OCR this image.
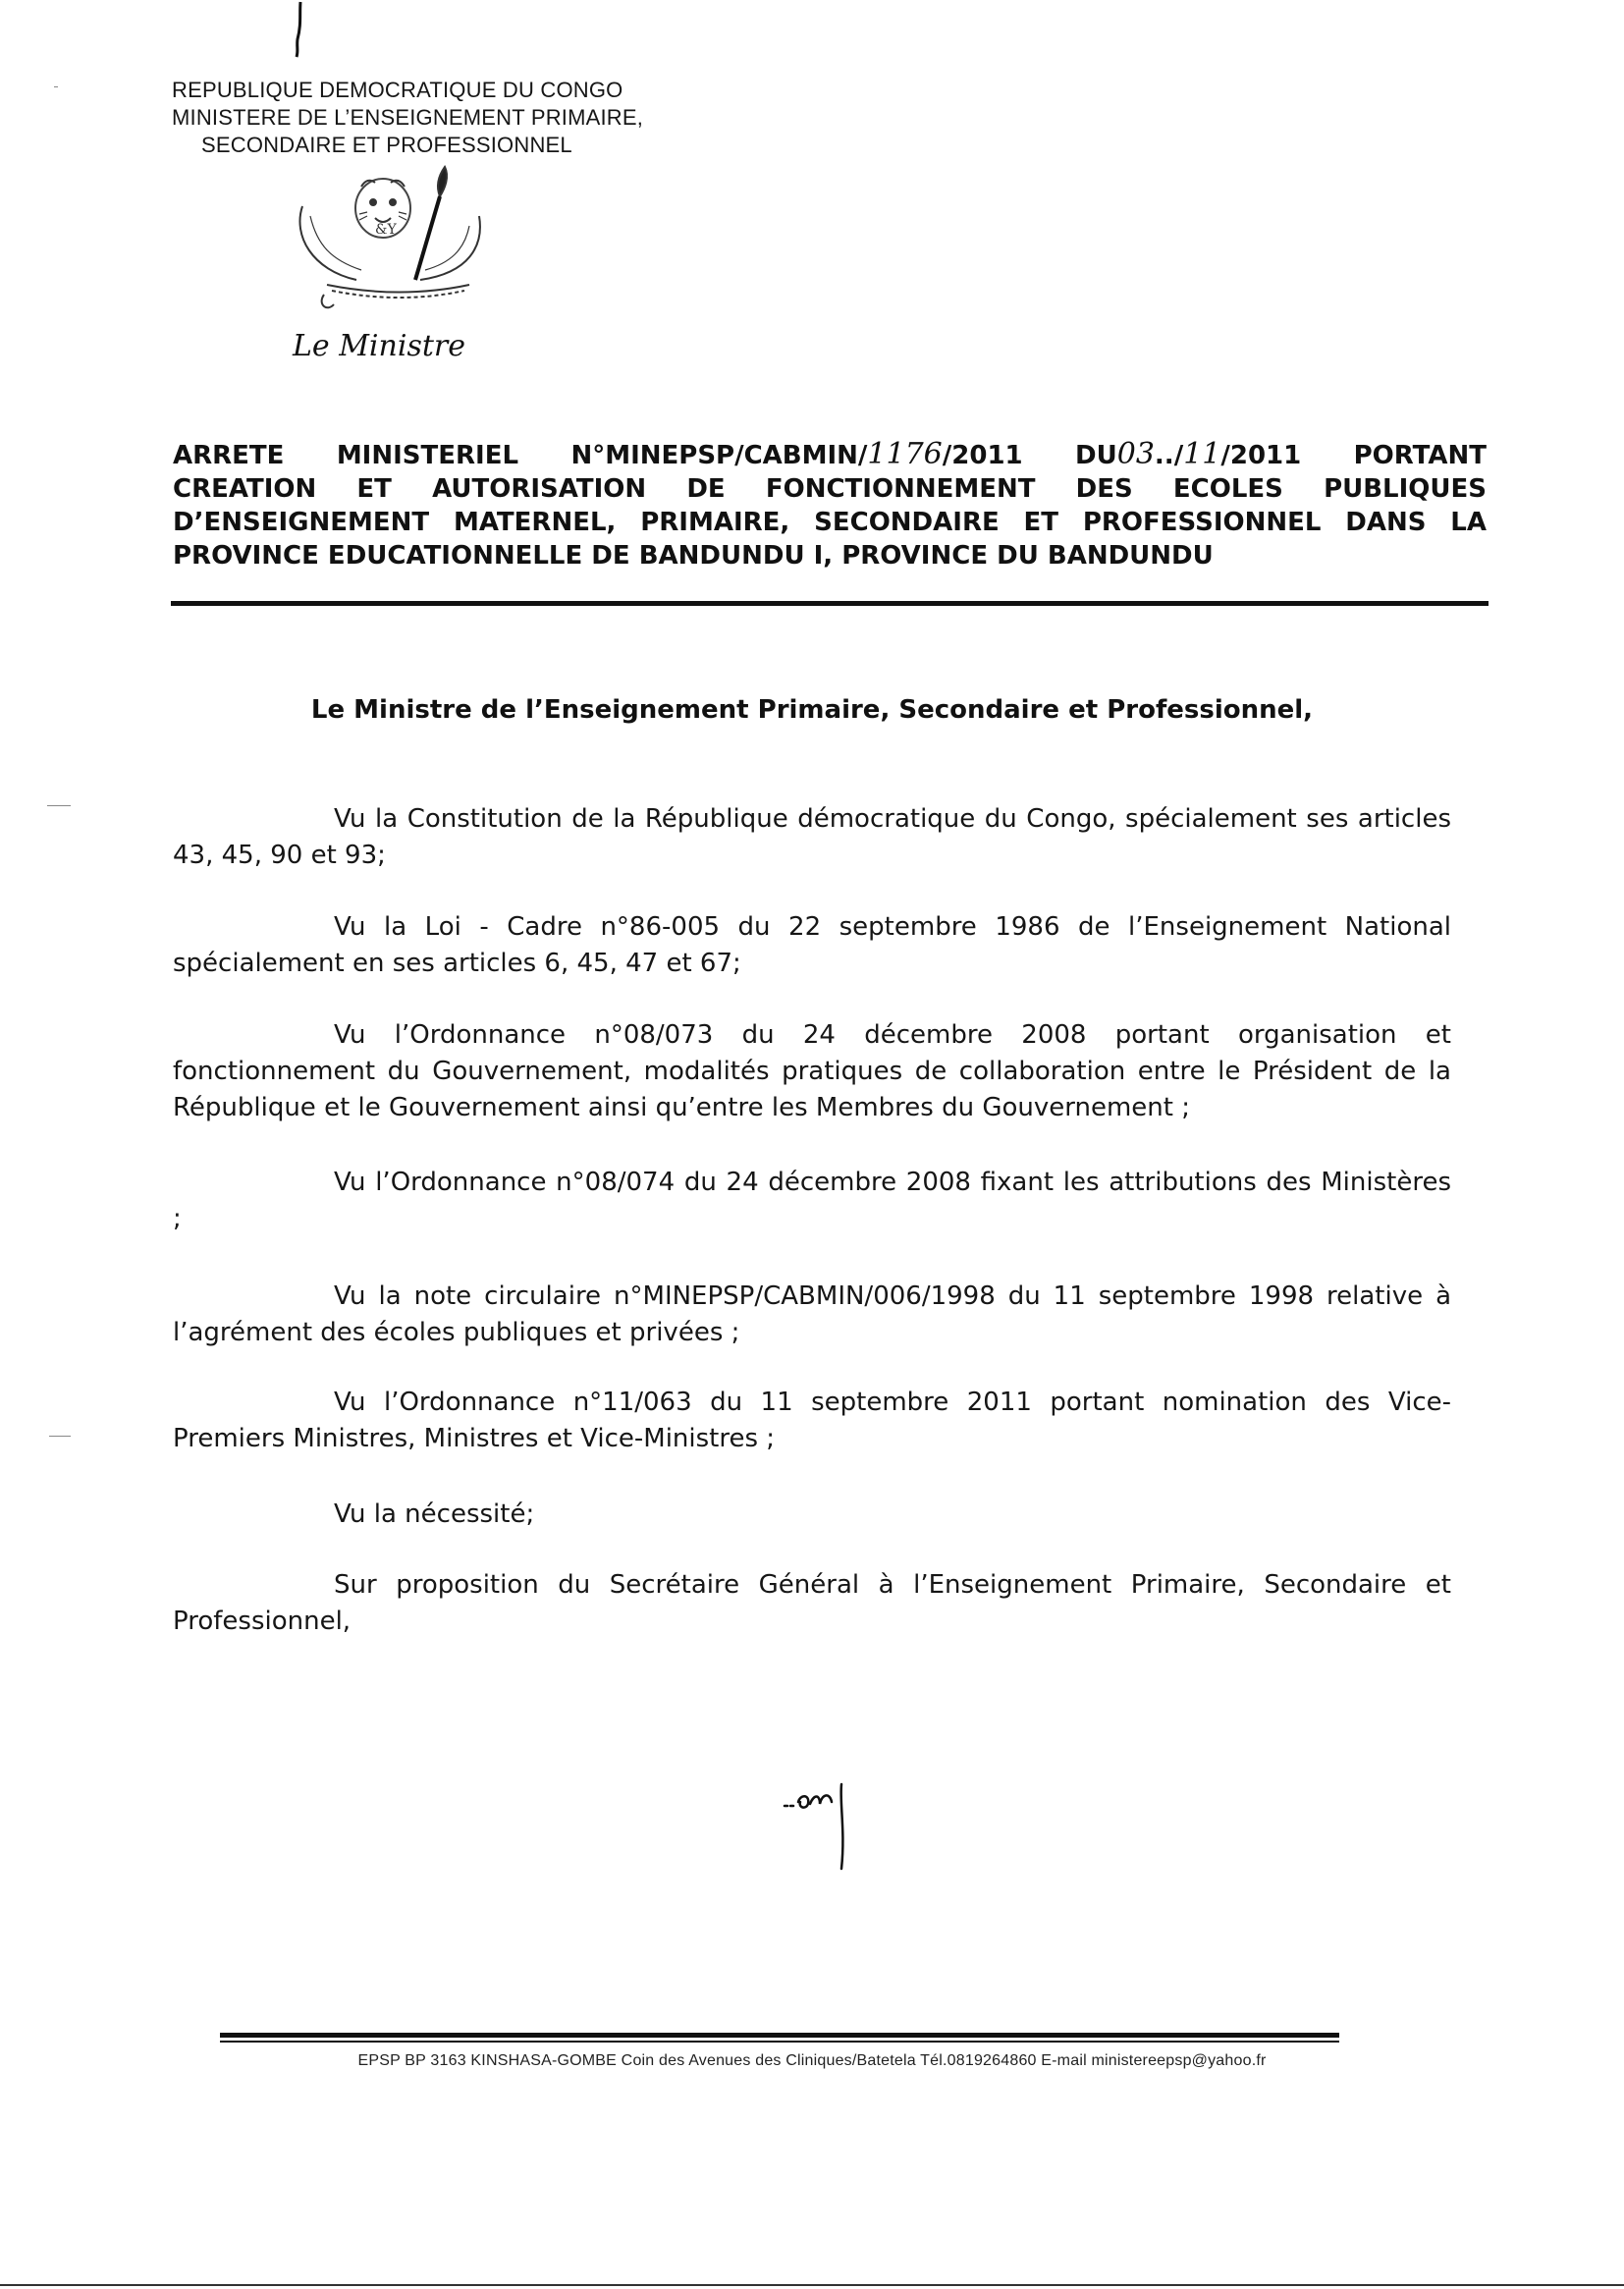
REPUBLIQUE DEMOCRATIQUE DU CONGO
MINISTERE DE L’ENSEIGNEMENT PRIMAIRE,
SECONDAIRE ET PROFESSIONNEL
&Y
Le Ministre
ARRETE MINISTERIEL N°MINEPSP/CABMIN/1176/2011 DU03../11/2011 PORTANT
CREATION ET AUTORISATION DE FONCTIONNEMENT DES ECOLES PUBLIQUES
D’ENSEIGNEMENT MATERNEL, PRIMAIRE, SECONDAIRE ET PROFESSIONNEL DANS LA
PROVINCE EDUCATIONNELLE DE BANDUNDU I, PROVINCE DU BANDUNDU
Le Ministre de l’Enseignement Primaire, Secondaire et Professionnel,
Vu la Constitution de la République démocratique du Congo, spécialement ses articles 43, 45, 90 et 93;
Vu la Loi - Cadre n°86-005 du 22 septembre 1986 de l’Enseignement National spécialement en ses articles 6, 45, 47 et 67;
Vu l’Ordonnance n°08/073 du 24 décembre 2008 portant organisation et fonctionnement du Gouvernement, modalités pratiques de collaboration entre le Président de la République et le Gouvernement ainsi qu’entre les Membres du Gouvernement ;
Vu l’Ordonnance n°08/074 du 24 décembre 2008 fixant les attributions des Ministères ;
Vu la note circulaire n°MINEPSP/CABMIN/006/1998 du 11 septembre 1998 relative à l’agrément des écoles publiques et privées ;
Vu l’Ordonnance n°11/063 du 11 septembre 2011 portant nomination des Vice-Premiers Ministres, Ministres et Vice-Ministres ;
Vu la nécessité;
Sur proposition du Secrétaire Général à l’Enseignement Primaire, Secondaire et Professionnel,
EPSP BP 3163 KINSHASA-GOMBE Coin des Avenues des Cliniques/Batetela Tél.0819264860 E-mail ministereepsp@yahoo.fr
